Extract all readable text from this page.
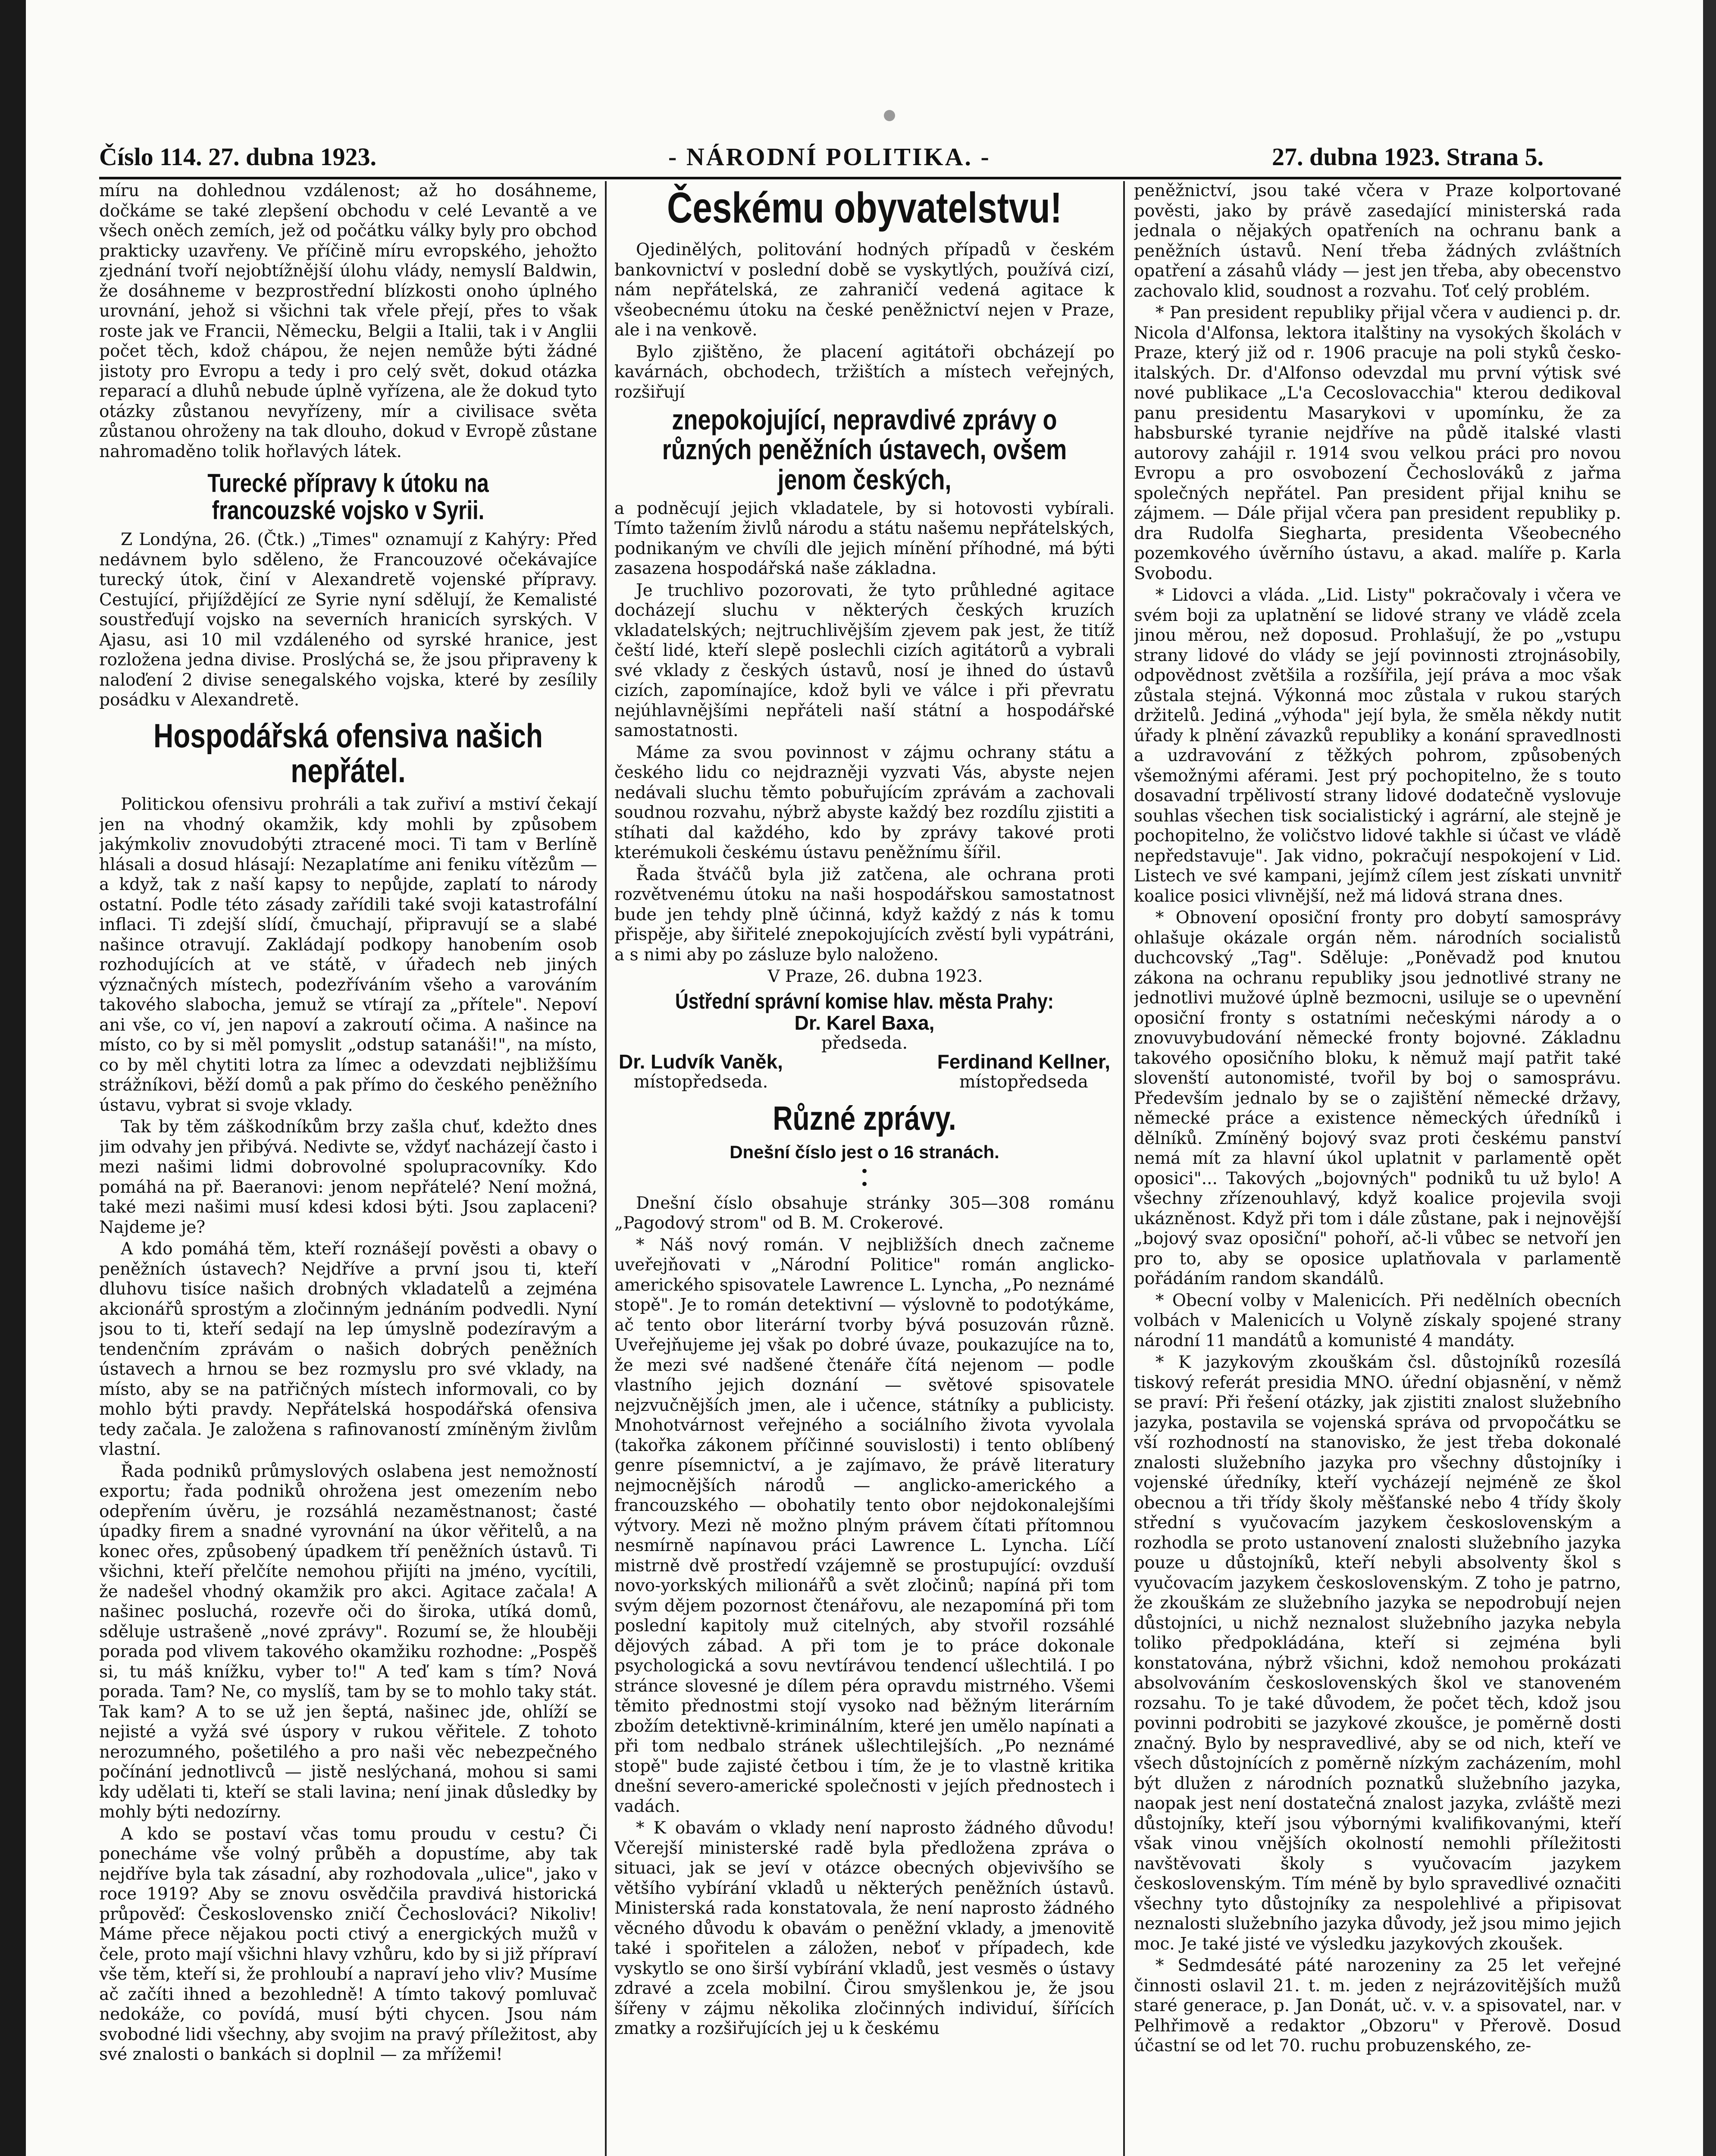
Číslo 114. 27. dubna 1923.	- NÁRODNÍ POLITIKA. -	27. dubna 1923. Strana 5.

míru na dohlednou vzdálenost; až ho dosáhneme, dočkáme se také zlepšení obchodu v celé Levantě a ve všech oněch zemích, jež od počátku války byly pro obchod prakticky uzavřeny. Ve příčině míru evropského, jehožto zjednání tvoří nejobtížnější úlohu vlády, nemyslí Baldwin, že dosáhneme v bezprostřední blízkosti onoho úplného urovnání, jehož si všichni tak vřele přejí, přes to však roste jak ve Francii, Německu, Belgii a Italii, tak i v Anglii počet těch, kdož chápou, že nejen nemůže býti žádné jistoty pro Evropu a tedy i pro celý svět, dokud otázka reparací a dluhů nebude úplně vyřízena, ale že dokud tyto otázky zůstanou nevyřízeny, mír a civilisace světa zůstanou ohroženy na tak dlouho, dokud v Evropě zůstane nahromaděno tolik hořlavých látek.

Turecké přípravy k útoku na francouzské vojsko v Syrii.

Z Londýna, 26. (Čtk.) „Times" oznamují z Kahýry: Před nedávnem bylo sděleno, že Francouzové očekávajíce turecký útok, činí v Alexandretě vojenské přípravy. Cestující, přijíždějící ze Syrie nyní sdělují, že Kemalisté soustřeďují vojsko na severních hranicích syrských. V Ajasu, asi 10 mil vzdáleného od syrské hranice, jest rozložena jedna divise. Proslýchá se, že jsou připraveny k naloďení 2 divise senegalského vojska, které by zesílily posádku v Alexandretě.

Hospodářská ofensiva našich nepřátel.

Politickou ofensivu prohráli a tak zuřiví a mstiví čekají jen na vhodný okamžik, kdy mohli by způsobem jakýmkoliv znovudobýti ztracené moci. Ti tam v Berlíně hlásali a dosud hlásají: Nezaplatíme ani feniku vítězům — a když, tak z naší kapsy to nepůjde, zaplatí to národy ostatní. Podle této zásady zařídili také svoji katastrofální inflaci. Ti zdejší slídí, čmuchají, připravují se a slabé našince otravují. Zakládají podkopy hanobením osob rozhodujících at ve státě, v úřadech neb jiných význačných místech, podezříváním všeho a varováním takového slabocha, jemuž se vtírají za „přítele". Nepoví ani vše, co ví, jen napoví a zakroutí očima. A našince na místo, co by si měl pomyslit „odstup satanáši!", na místo, co by měl chytiti lotra za límec a odevzdati nejbližšímu strážníkovi, běží domů a pak přímo do českého peněžního ústavu, vybrat si svoje vklady.

Tak by těm záškodníkům brzy zašla chuť, kdežto dnes jim odvahy jen přibývá. Nedivte se, vždyť nacházejí často i mezi našimi lidmi dobrovolné spolupracovníky. Kdo pomáhá na př. Baeranovi: jenom nepřátelé? Není možná, také mezi našimi musí kdesi kdosi býti. Jsou zaplaceni? Najdeme je?

A kdo pomáhá těm, kteří roznášejí pověsti a obavy o peněžních ústavech? Nejdříve a první jsou ti, kteří dluhovu tisíce našich drobných vkladatelů a zejména akcionářů sprostým a zločinným jednáním podvedli. Nyní jsou to ti, kteří sedají na lep úmyslně podezíravým a tendenčním zprávám o našich dobrých peněžních ústavech a hrnou se bez rozmyslu pro své vklady, na místo, aby se na patřičných místech informovali, co by mohlo býti pravdy. Nepřátelská hospodářská ofensiva tedy začala. Je založena s rafinovaností zmíněným živlům vlastní.

Řada podniků průmyslových oslabena jest nemožností exportu; řada podniků ohrožena jest omezením nebo odepřením úvěru, je rozsáhlá nezaměstnanost; časté úpadky firem a snadné vyrovnání na úkor věřitelů, a na konec ořes, způsobený úpadkem tří peněžních ústavů. Ti všichni, kteří přelčíte nemohou přijíti na jméno, vycítili, že nadešel vhodný okamžik pro akci. Agitace začala! A našinec posluchá, rozevře oči do široka, utíká domů, sděluje ustrašeně „nové zprávy". Rozumí se, že hlouběji porada pod vlivem takového okamžiku rozhodne: „Pospěš si, tu máš knížku, vyber to!" A teď kam s tím? Nová porada. Tam? Ne, co myslíš, tam by se to mohlo taky stát. Tak kam? A to se už jen šeptá, našinec jde, ohlíží se nejisté a vyžá své úspory v rukou věřitele. Z tohoto nerozumného, pošetilého a pro naši věc nebezpečného počínání jednotlivců — jistě neslýchaná, mohou si sami kdy udělati ti, kteří se stali lavina; není jinak důsledky by mohly býti nedozírny.

A kdo se postaví včas tomu proudu v cestu? Či ponecháme vše volný průběh a dopustíme, aby tak nejdříve byla tak zásadní, aby rozhodovala „ulice", jako v roce 1919? Aby se znovu osvědčila pravdivá historická průpověď: Československo zničí Čechoslováci? Nikoliv! Máme přece nějakou pocti ctivý a energických mužů v čele, proto mají všichni hlavy vzhůru, kdo by si již přípraví vše těm, kteří si, že prohloubí a napraví jeho vliv? Musíme ač začíti ihned a bezohledně! A tímto takový pomluvač nedokáže, co povídá, musí býti chycen. Jsou nám svobodné lidi všechny, aby svojim na pravý příležitost, aby své znalosti o bankách si doplnil — za mřížemi!

Českému obyvatelstvu!

Ojedinělých, politování hodných případů v českém bankovnictví v poslední době se vyskytlých, používá cizí, nám nepřátelská, ze zahraničí vedená agitace k všeobecnému útoku na české peněžnictví nejen v Praze, ale i na venkově.

Bylo zjištěno, že placení agitátoři obcházejí po kavárnách, obchodech, tržištích a místech veřejných, rozšiřují

znepokojující, nepravdivé zprávy o různých peněžních ústavech, ovšem jenom českých,

a podněcují jejich vkladatele, by si hotovosti vybírali. Tímto tažením živlů národu a státu našemu nepřátelských, podnikaným ve chvíli dle jejich mínění příhodné, má býti zasazena hospodářská naše základna.

Je truchlivo pozorovati, že tyto průhledné agitace docházejí sluchu v některých českých kruzích vkladatelských; nejtruchlivějším zjevem pak jest, že titíž čeští lidé, kteří slepě poslechli cizích agitátorů a vybrali své vklady z českých ústavů, nosí je ihned do ústavů cizích, zapomínajíce, kdož byli ve válce i při převratu nejúhlavnějšími nepřáteli naší státní a hospodářské samostatnosti.

Máme za svou povinnost v zájmu ochrany státu a českého lidu co nejdrazněji vyzvati Vás, abyste nejen nedávali sluchu těmto pobuřujícím zprávám a zachovali soudnou rozvahu, nýbrž abyste každý bez rozdílu zjistiti a stíhati dal každého, kdo by zprávy takové proti kterémukoli českému ústavu peněžnímu šířil.

Řada štváčů byla již zatčena, ale ochrana proti rozvětvenému útoku na naši hospodářskou samostatnost bude jen tehdy plně účinná, když každý z nás k tomu přispěje, aby šiřitelé znepokojujících zvěstí byli vypátráni, a s nimi aby po zásluze bylo naloženo.

V Praze, 26. dubna 1923.

Ústřední správní komise hlav. města Prahy:
Dr. Karel Baxa,
předseda.
Dr. Ludvík Vaněk,
místopředseda.
Ferdinand Kellner,
místopředseda
Různé zprávy.
Dnešní číslo jest o 16 stranách.
•
•

Dnešní číslo obsahuje stránky 305—308 románu „Pagodový strom" od B. M. Crokerové.

* Náš nový román. V nejbližších dnech začneme uveřejňovati v „Národní Politice" román anglicko-amerického spisovatele Lawrence L. Lyncha, „Po neznámé stopě". Je to román detektivní — výslovně to podotýkáme, ač tento obor literární tvorby bývá posuzován různě. Uveřejňujeme jej však po dobré úvaze, poukazujíce na to, že mezi své nadšené čtenáře čítá nejenom — podle vlastního jejich doznání — světové spisovatele nejzvučnějších jmen, ale i učence, státníky a publicisty. Mnohotvárnost veřejného a sociálního života vyvolala (takořka zákonem příčinné souvislosti) i tento oblíbený genre písemnictví, a je zajímavo, že právě literatury nejmocnějších národů — anglicko-amerického a francouzského — obohatily tento obor nejdokonalejšími výtvory. Mezi ně možno plným právem čítati přítomnou nesmírně napínavou práci Lawrence L. Lyncha. Líčí mistrně dvě prostředí vzájemně se prostupující: ovzduší novo-yorkských milionářů a svět zločinů; napíná při tom svým dějem pozornost čtenářovu, ale nezapomíná při tom poslední kapitoly muž citelných, aby stvořil rozsáhlé dějových zábad. A při tom je to práce dokonale psychologická a sovu nevtírávou tendencí ušlechtilá. I po stránce slovesné je dílem péra opravdu mistrného. Všemi těmito přednostmi stojí vysoko nad běžným literárním zbožím detektivně-kriminálním, které jen umělo napínati a při tom nedbalo stránek ušlechtilejších. „Po neznámé stopě" bude zajisté četbou i tím, že je to vlastně kritika dnešní severo-americké společnosti v jejích přednostech i vadách.

* K obavám o vklady není naprosto žádného důvodu! Včerejší ministerské radě byla předložena zpráva o situaci, jak se jeví v otázce obecných objevivšího se většího vybírání vkladů u některých peněžních ústavů. Ministerská rada konstatovala, že není naprosto žádného věcného důvodu k obavám o peněžní vklady, a jmenovitě také i spořitelen a záložen, neboť v případech, kde vyskytlo se ono širší vybírání vkladů, jest vesměs o ústavy zdravé a zcela mobilní. Čirou smyšlenkou je, že jsou šířeny v zájmu několika zločinných individuí, šířících zmatky a rozšiřujících jej u k českému

peněžnictví, jsou také včera v Praze kolportované pověsti, jako by právě zasedající ministerská rada jednala o nějakých opatřeních na ochranu bank a peněžních ústavů. Není třeba žádných zvláštních opatření a zásahů vlády — jest jen třeba, aby obecenstvo zachovalo klid, soudnost a rozvahu. Toť celý problém.

* Pan president republiky přijal včera v audienci p. dr. Nicola d'Alfonsa, lektora italštiny na vysokých školách v Praze, který již od r. 1906 pracuje na poli styků česko-italských. Dr. d'Alfonso odevzdal mu první výtisk své nové publikace „L'a Cecoslovacchia" kterou dedikoval panu presidentu Masarykovi v upomínku, že za habsburské tyranie nejdříve na půdě italské vlasti autorovy zahájil r. 1914 svou velkou práci pro novou Evropu a pro osvobození Čechoslováků z jařma společných nepřátel. Pan president přijal knihu se zájmem. — Dále přijal včera pan president republiky p. dra Rudolfa Siegharta, presidenta Všeobecného pozemkového úvěrního ústavu, a akad. malíře p. Karla Svobodu.

* Lidovci a vláda. „Lid. Listy" pokračovaly i včera ve svém boji za uplatnění se lidové strany ve vládě zcela jinou měrou, než doposud. Prohlašují, že po „vstupu strany lidové do vlády se její povinnosti ztrojnásobily, odpovědnost zvětšila a rozšířila, její práva a moc však zůstala stejná. Výkonná moc zůstala v rukou starých držitelů. Jediná „výhoda" její byla, že směla někdy nutit úřady k plnění závazků republiky a konání spravedlnosti a uzdravování z těžkých pohrom, způsobených všemožnými aférami. Jest prý pochopitelno, že s touto dosavadní trpělivostí strany lidové dodatečně vyslovuje souhlas všechen tisk socialistický i agrární, ale stejně je pochopitelno, že voličstvo lidové takhle si účast ve vládě nepředstavuje". Jak vidno, pokračují nespokojení v Lid. Listech ve své kampani, jejímž cílem jest získati unvnitř koalice posici vlivnější, než má lidová strana dnes.

* Obnovení oposiční fronty pro dobytí samosprávy ohlašuje okázale orgán něm. národních socialistů duchcovský „Tag". Sděluje: „Poněvadž pod knutou zákona na ochranu republiky jsou jednotlivé strany ne jednotlivi mužové úplně bezmocni, usiluje se o upevnění oposiční fronty s ostatními nečeskými národy a o znovuvybudování německé fronty bojovné. Základnu takového oposičního bloku, k němuž mají patřit také slovenští autonomisté, tvořil by boj o samosprávu. Především jednalo by se o zajištění německé državy, německé práce a existence německých úředníků i dělníků. Zmíněný bojový svaz proti českému panství nemá mít za hlavní úkol uplatnit v parlamentě opět oposici"... Takových „bojovných" podniků tu už bylo! A všechny zřízenouhlavý, když koalice projevila svoji ukázněnost. Když při tom i dále zůstane, pak i nejnovější „bojový svaz oposiční" pohoří, ač-li vůbec se netvoří jen pro to, aby se oposice uplatňovala v parlamentě pořádáním random skandálů.

* Obecní volby v Malenicích. Při nedělních obecních volbách v Malenicích u Volyně získaly spojené strany národní 11 mandátů a komunisté 4 mandáty.

* K jazykovým zkouškám čsl. důstojníků rozesílá tiskový referát presidia MNO. úřední objasnění, v němž se praví: Při řešení otázky, jak zjistiti znalost služebního jazyka, postavila se vojenská správa od prvopočátku se vší rozhodností na stanovisko, že jest třeba dokonalé znalosti služebního jazyka pro všechny důstojníky i vojenské úředníky, kteří vycházejí nejméně ze škol obecnou a tři třídy školy měšťanské nebo 4 třídy školy střední s vyučovacím jazykem československým a rozhodla se proto ustanovení znalosti služebního jazyka pouze u důstojníků, kteří nebyli absolventy škol s vyučovacím jazykem československým. Z toho je patrno, že zkouškám ze služebního jazyka se nepodrobují nejen důstojníci, u nichž neznalost služebního jazyka nebyla toliko předpokládána, kteří si zejména byli konstatována, nýbrž všichni, kdož nemohou prokázati absolvováním československých škol ve stanoveném rozsahu. To je také důvodem, že počet těch, kdož jsou povinni podrobiti se jazykové zkoušce, je poměrně dosti značný. Bylo by nespravedlivé, aby se od nich, kteří ve všech důstojnících z poměrně nízkým zacházením, mohl být dlužen z národních poznatků služebního jazyka, naopak jest není dostatečná znalost jazyka, zvláště mezi důstojníky, kteří jsou výbornými kvalifikovanými, kteří však vinou vnějších okolností nemohli příležitosti navštěvovati školy s vyučovacím jazykem československým. Tím méně by bylo spravedlivé označiti všechny tyto důstojníky za nespolehlivé a připisovat neznalosti služebního jazyka důvody, jež jsou mimo jejich moc. Je také jisté ve výsledku jazykových zkoušek.

* Sedmdesáté páté narozeniny za 25 let veřejné činnosti oslavil 21. t. m. jeden z nejrázovitějších mužů staré generace, p. Jan Donát, uč. v. v. a spisovatel, nar. v Pelhřimově a redaktor „Obzoru" v Přerově. Dosud účastní se od let 70. ruchu probuzenského, ze-
